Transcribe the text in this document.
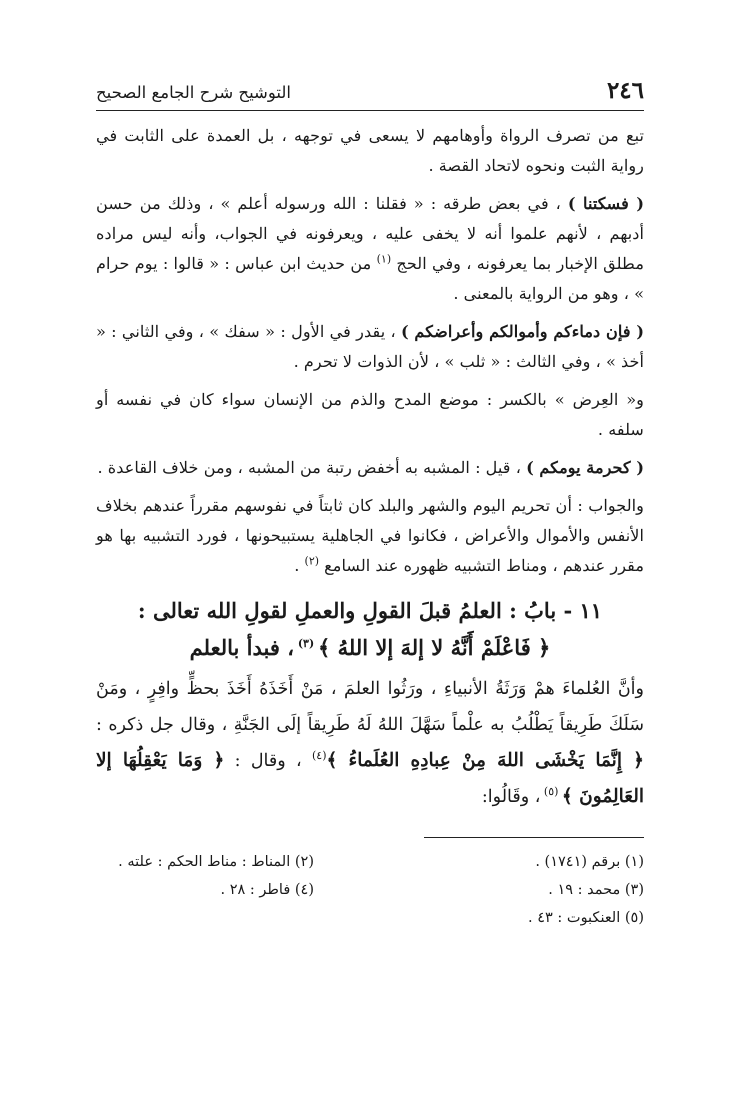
٢٤٦
التوشيح شرح الجامع الصحيح

تبع من تصرف الرواة وأوهامهم لا يسعى في توجهه ، بل العمدة على الثابت في رواية الثبت ونحوه لاتحاد القصة .

( فسكتنا ) ، في بعض طرقه : « فقلنا : الله ورسوله أعلم » ، وذلك من حسن أدبهم ، لأنهم علموا أنه لا يخفى عليه ، ويعرفونه في الجواب، وأنه ليس مراده مطلق الإخبار بما يعرفونه ، وفي الحج $^{(١)}$ من حديث ابن عباس : « قالوا : يوم حرام » ، وهو من الرواية بالمعنى .

( فإن دماءكم وأموالكم وأعراضكم ) ، يقدر في الأول : « سفك » ، وفي الثاني : « أخذ » ، وفي الثالث : « ثلب » ، لأن الذوات لا تحرم .

و« العِرض » بالكسر : موضع المدح والذم من الإنسان سواء كان في نفسه أو سلفه .

( كحرمة يومكم ) ، قيل : المشبه به أخفض رتبة من المشبه ، ومن خلاف القاعدة .

والجواب : أن تحريم اليوم والشهر والبلد كان ثابتاً في نفوسهم مقرراً عندهم بخلاف الأنفس والأموال والأعراض ، فكانوا في الجاهلية يستبيحونها ، فورد التشبيه بها هو مقرر عندهم ، ومناط التشبيه ظهوره عند السامع $^{(٢)}$ .

١١ - بابُ : العلمُ قبلَ القولِ والعملِ لقولِ الله تعالى :
﴿ فَاعْلَمْ أَنَّهُ لا إلهَ إلا اللهُ ﴾ $^{(٣)}$ ، فبدأ بالعلم

وأنَّ العُلماءَ همْ وَرَثَةُ الأنبياءِ ، ورَثُوا العلمَ ، مَنْ أَخَذَهُ أَخَذَ بحظٍّ وافِرٍ ، ومَنْ سَلَكَ طَرِيقاً يَطْلُبُ به علْماً سَهَّلَ اللهُ لَهُ طَرِيقاً إلَى الجَنَّةِ ، وقال جل ذكره : ﴿ إِنَّمَا يَخْشَى اللهَ مِنْ عِبادِهِ العُلَماءُ ﴾$^{(٤)}$ ، وقال : ﴿ وَمَا يَعْقِلُهَا إلا العَالِمُونَ ﴾ $^{(٥)}$ ، وقَالُوا:

(١) برقم (١٧٤١) .
(٢) المناط : مناط الحكم : علته .
(٣) محمد : ١٩ .
(٤) فاطر : ٢٨ .
(٥) العنكبوت : ٤٣ .
